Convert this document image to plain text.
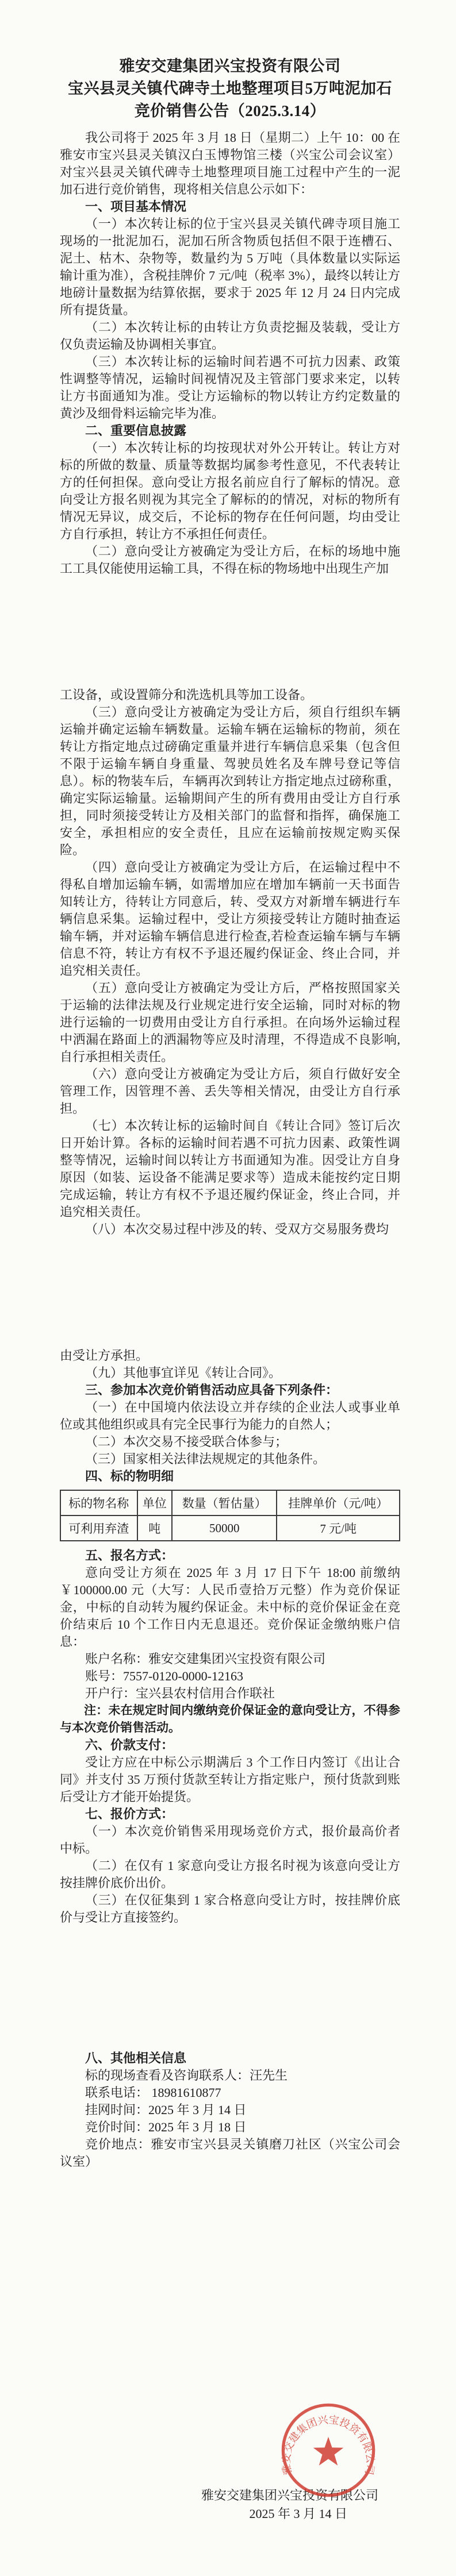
雅安交建集团兴宝投资有限公司
宝兴县灵关镇代碑寺土地整理项目5万吨泥加石
竞价销售公告（2025.3.14）
我公司将于 2025 年 3 月 18 日（星期二）上午 10：00 在雅安市宝兴县灵关镇汉白玉博物馆三楼（兴宝公司会议室）对宝兴县灵关镇代碑寺土地整理项目施工过程中产生的一泥加石进行竞价销售，现将相关信息公示如下：
一、项目基本情况
（一）本次转让标的位于宝兴县灵关镇代碑寺项目施工现场的一批泥加石，泥加石所含物质包括但不限于连槽石、泥土、枯木、杂物等，数量约为 5 万吨（具体数量以实际运输计重为准），含税挂牌价 7 元/吨（税率 3%），最终以转让方地磅计量数据为结算依据，要求于 2025 年 12 月 24 日内完成所有提货量。
（二）本次转让标的由转让方负责挖掘及装载，受让方仅负责运输及协调相关事宜。
（三）本次转让标的运输时间若遇不可抗力因素、政策性调整等情况，运输时间视情况及主管部门要求来定，以转让方书面通知为准。受让方运输标的物以转让方约定数量的黄沙及细骨料运输完毕为准。
二、重要信息披露
（一）本次转让标的均按现状对外公开转让。转让方对标的所做的数量、质量等数据均属参考性意见，不代表转让方的任何担保。意向受让方报名前应自行了解标的情况。意向受让方报名则视为其完全了解标的的情况，对标的物所有情况无异议，成交后，不论标的物存在任何问题，均由受让方自行承担，转让方不承担任何责任。
（二）意向受让方被确定为受让方后，在标的场地中施工工具仅能使用运输工具，不得在标的物场地中出现生产加
工设备，或设置筛分和洗选机具等加工设备。
（三）意向受让方被确定为受让方后，须自行组织车辆运输并确定运输车辆数量。运输车辆在运输标的物前，须在转让方指定地点过磅确定重量并进行车辆信息采集（包含但不限于运输车辆自身重量、驾驶员姓名及车牌号登记等信息）。标的物装车后，车辆再次到转让方指定地点过磅称重，确定实际运输量。运输期间产生的所有费用由受让方自行承担，同时须接受转让方及相关部门的监督和指挥，确保施工安全，承担相应的安全责任，且应在运输前按规定购买保险。
（四）意向受让方被确定为受让方后，在运输过程中不得私自增加运输车辆，如需增加应在增加车辆前一天书面告知转让方，待转让方同意后，转、受双方对新增车辆进行车辆信息采集。运输过程中，受让方须接受转让方随时抽查运输车辆，并对运输车辆信息进行检查,若检查运输车辆与车辆信息不符，转让方有权不予退还履约保证金、终止合同，并追究相关责任。
（五）意向受让方被确定为受让方后，严格按照国家关于运输的法律法规及行业规定进行安全运输，同时对标的物进行运输的一切费用由受让方自行承担。在向场外运输过程中洒漏在路面上的洒漏物等应及时清理，不得造成不良影响,自行承担相关责任。
（六）意向受让方被确定为受让方后，须自行做好安全管理工作，因管理不善、丢失等相关情况，由受让方自行承担。
（七）本次转让标的运输时间自《转让合同》签订后次日开始计算。各标的运输时间若遇不可抗力因素、政策性调整等情况，运输时间以转让方书面通知为准。因受让方自身原因（如装、运设备不能满足要求等）造成未能按约定日期完成运输，转让方有权不予退还履约保证金，终止合同，并追究相关责任。
（八）本次交易过程中涉及的转、受双方交易服务费均
由受让方承担。
（九）其他事宜详见《转让合同》。
三、参加本次竞价销售活动应具备下列条件：
（一）在中国境内依法设立并存续的企业法人或事业单位或其他组织或具有完全民事行为能力的自然人；
（二）本次交易不接受联合体参与；
（三）国家相关法律法规规定的其他条件。
四、标的物明细
标的物名称	单位	数量（暂估量）	挂牌单价（元/吨）
可利用弃渣	吨	50000	7 元/吨
五、报名方式：
意向受让方须在 2025 年 3 月 17 日下午 18:00 前缴纳￥100000.00 元（大写：人民币壹拾万元整）作为竞价保证金，中标的自动转为履约保证金。未中标的竞价保证金在竞价结束后 10 个工作日内无息退还。竞价保证金缴纳账户信息：
账户名称：雅安交建集团兴宝投资有限公司
账号：7557-0120-0000-12163
开户行：宝兴县农村信用合作联社
注：未在规定时间内缴纳竞价保证金的意向受让方，不得参与本次竞价销售活动。
六、价款支付：
受让方应在中标公示期满后 3 个工作日内签订《出让合同》并支付 35 万预付货款至转让方指定账户，预付货款到账后受让方才能开始提货。
七、报价方式：
（一）本次竞价销售采用现场竞价方式，报价最高价者中标。
（二）在仅有 1 家意向受让方报名时视为该意向受让方按挂牌价底价出价。
（三）在仅征集到 1 家合格意向受让方时，按挂牌价底价与受让方直接签约。
八、其他相关信息
标的现场查看及咨询联系人：汪先生
联系电话： 18981610877
挂网时间：2025 年 3 月 14 日
竞价时间：2025 年 3 月 18 日
竞价地点：雅安市宝兴县灵关镇磨刀社区（兴宝公司会议室）
雅安交建集团兴宝投资有限公司
雅安交建集团兴宝投资有限公司
2025 年 3 月 14 日
